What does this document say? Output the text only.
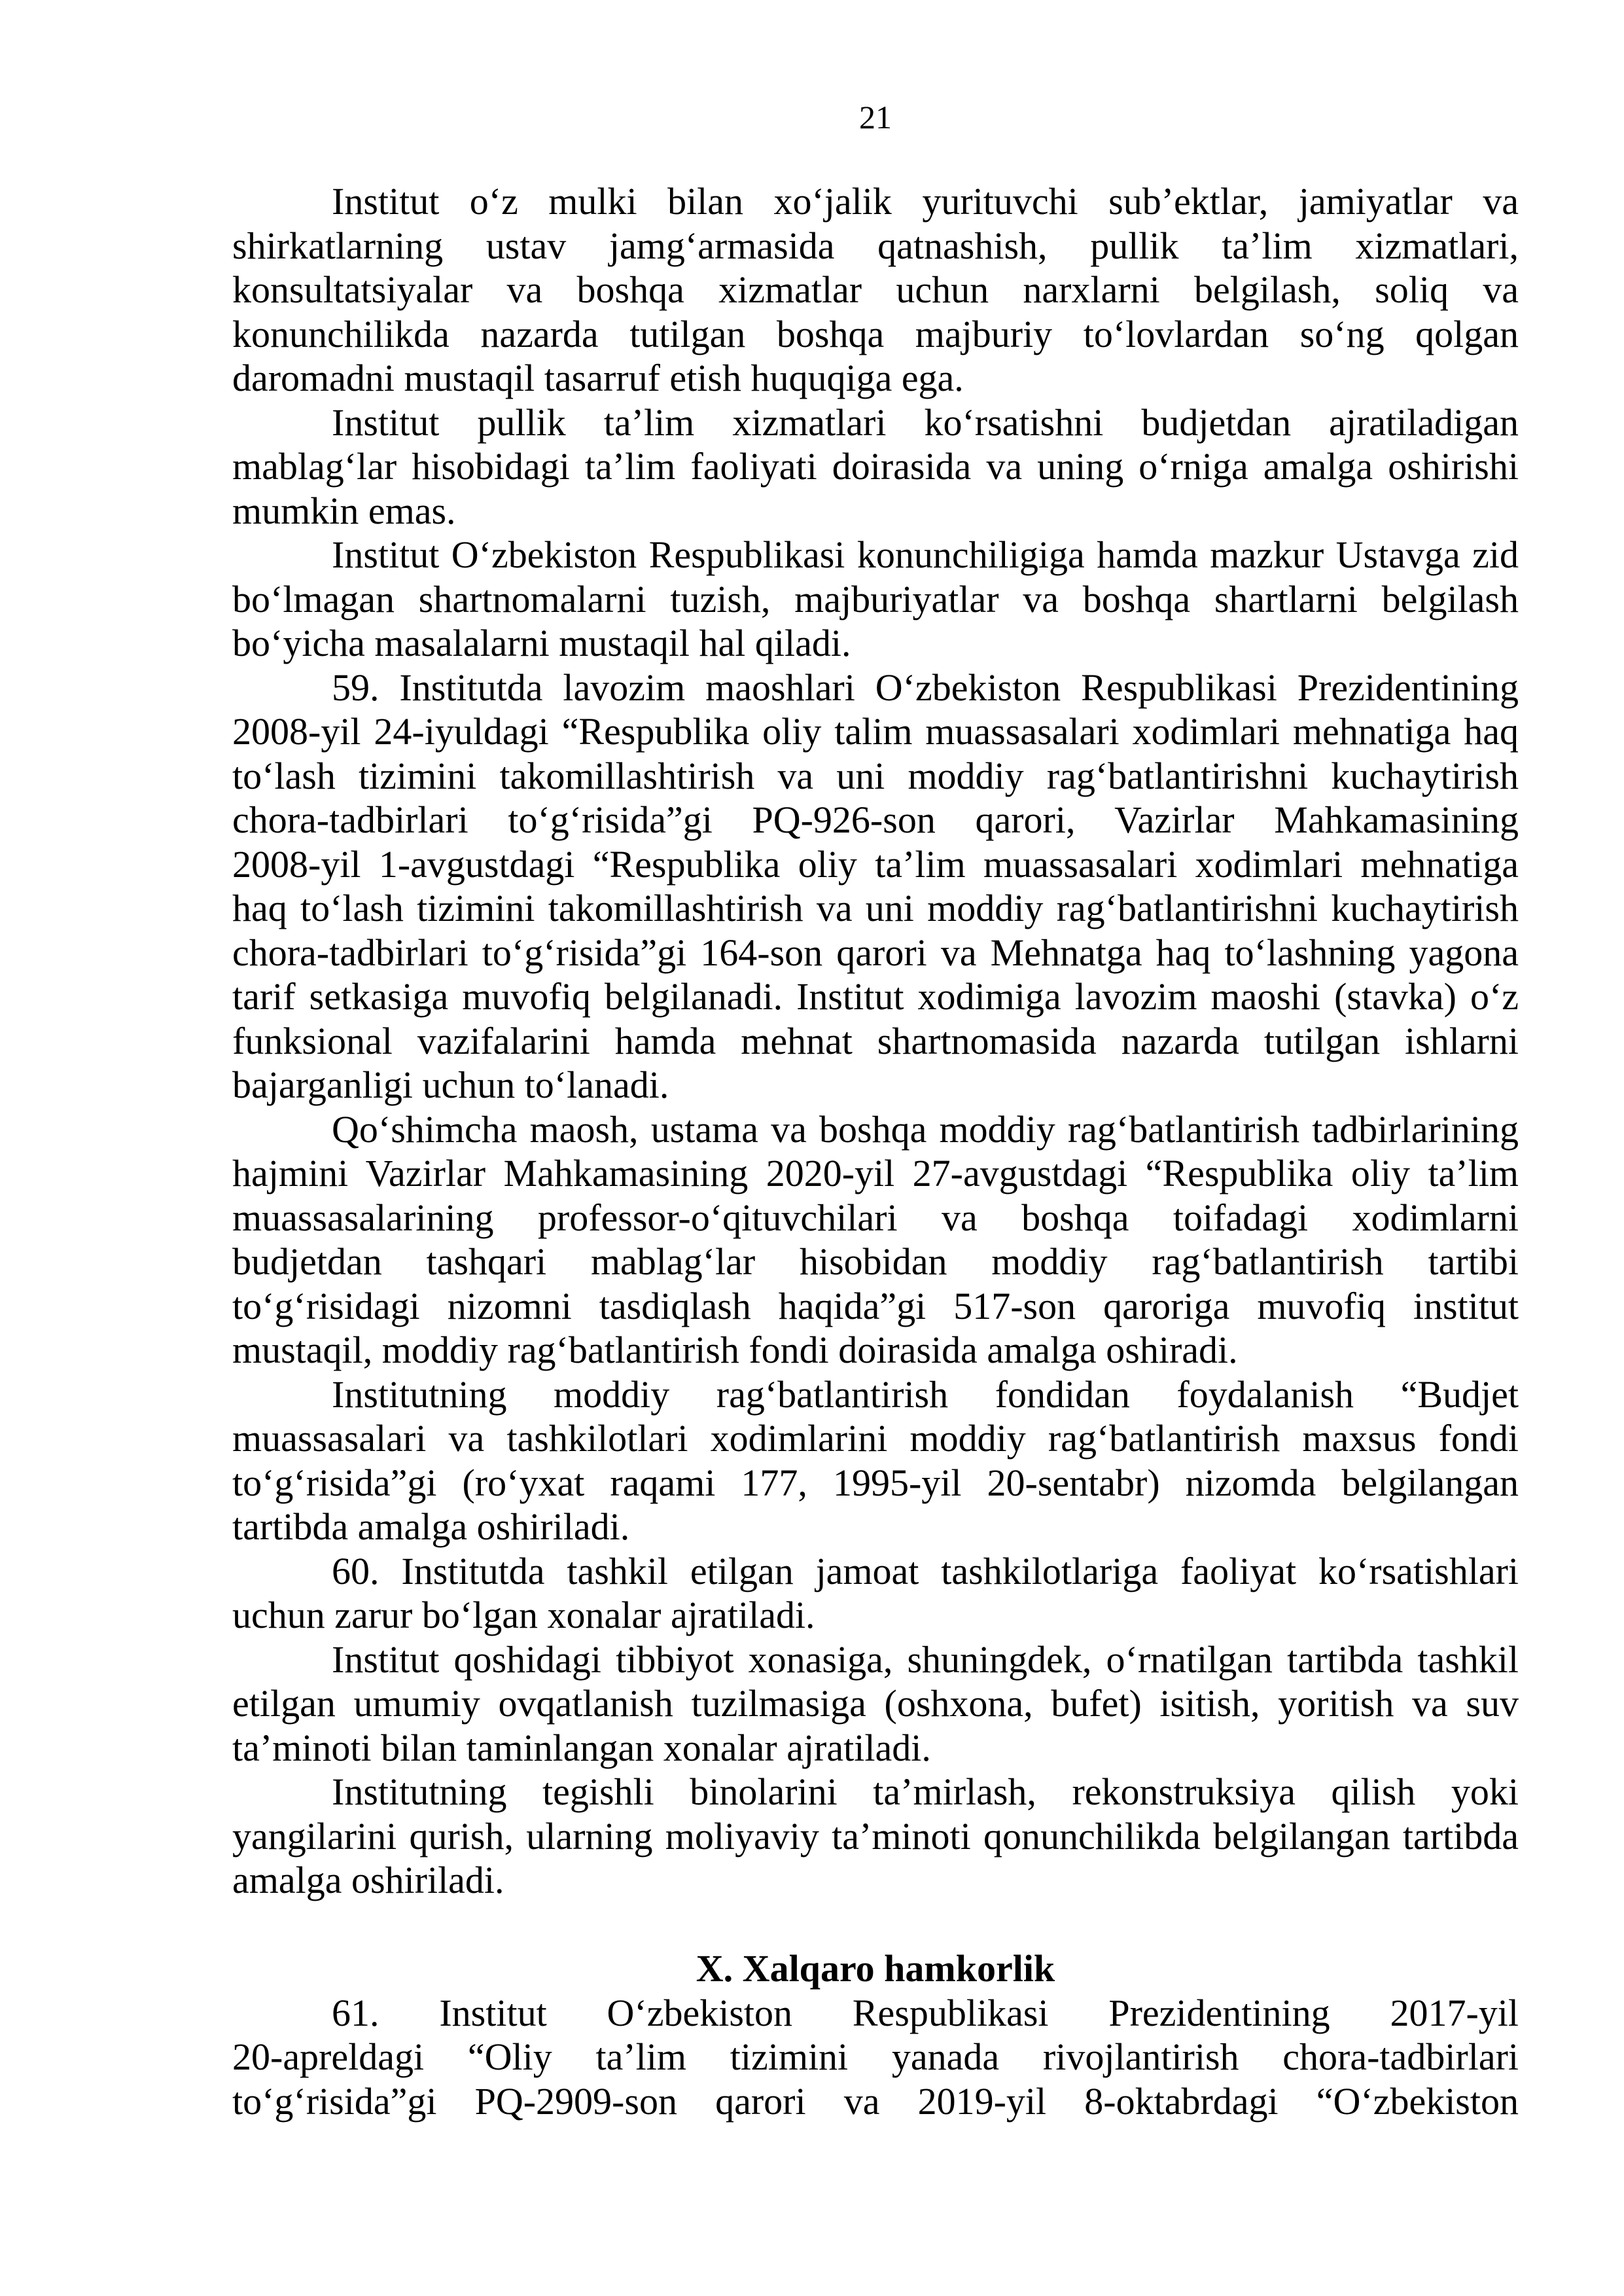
21
Institut o‘z mulki bilan xo‘jalik yurituvchi sub’ektlar, jamiyatlar va
shirkatlarning ustav jamg‘armasida qatnashish, pullik ta’lim xizmatlari,
konsultatsiyalar va boshqa xizmatlar uchun narxlarni belgilash, soliq va
konunchilikda nazarda tutilgan boshqa majburiy to‘lovlardan so‘ng qolgan
daromadni mustaqil tasarruf etish huquqiga ega.
Institut pullik ta’lim xizmatlari ko‘rsatishni budjetdan ajratiladigan
mablag‘lar hisobidagi ta’lim faoliyati doirasida va uning o‘rniga amalga oshirishi
mumkin emas.
Institut O‘zbekiston Respublikasi konunchiligiga hamda mazkur Ustavga zid
bo‘lmagan shartnomalarni tuzish, majburiyatlar va boshqa shartlarni belgilash
bo‘yicha masalalarni mustaqil hal qiladi.
59. Institutda lavozim maoshlari O‘zbekiston Respublikasi Prezidentining
2008-yil 24-iyuldagi “Respublika oliy talim muassasalari xodimlari mehnatiga haq
to‘lash tizimini takomillashtirish va uni moddiy rag‘batlantirishni kuchaytirish
chora-tadbirlari to‘g‘risida”gi PQ-926-son qarori, Vazirlar Mahkamasining
2008-yil 1-avgustdagi “Respublika oliy ta’lim muassasalari xodimlari mehnatiga
haq to‘lash tizimini takomillashtirish va uni moddiy rag‘batlantirishni kuchaytirish
chora-tadbirlari to‘g‘risida”gi 164-son qarori va Mehnatga haq to‘lashning yagona
tarif setkasiga muvofiq belgilanadi. Institut xodimiga lavozim maoshi (stavka) o‘z
funksional vazifalarini hamda mehnat shartnomasida nazarda tutilgan ishlarni
bajarganligi uchun to‘lanadi.
Qo‘shimcha maosh, ustama va boshqa moddiy rag‘batlantirish tadbirlarining
hajmini Vazirlar Mahkamasining 2020-yil 27-avgustdagi “Respublika oliy ta’lim
muassasalarining professor-o‘qituvchilari va boshqa toifadagi xodimlarni
budjetdan tashqari mablag‘lar hisobidan moddiy rag‘batlantirish tartibi
to‘g‘risidagi nizomni tasdiqlash haqida”gi 517-son qaroriga muvofiq institut
mustaqil, moddiy rag‘batlantirish fondi doirasida amalga oshiradi.
Institutning moddiy rag‘batlantirish fondidan foydalanish “Budjet
muassasalari va tashkilotlari xodimlarini moddiy rag‘batlantirish maxsus fondi
to‘g‘risida”gi (ro‘yxat raqami 177, 1995-yil 20-sentabr) nizomda belgilangan
tartibda amalga oshiriladi.
60. Institutda tashkil etilgan jamoat tashkilotlariga faoliyat ko‘rsatishlari
uchun zarur bo‘lgan xonalar ajratiladi.
Institut qoshidagi tibbiyot xonasiga, shuningdek, o‘rnatilgan tartibda tashkil
etilgan umumiy ovqatlanish tuzilmasiga (oshxona, bufet) isitish, yoritish va suv
ta’minoti bilan taminlangan xonalar ajratiladi.
Institutning tegishli binolarini ta’mirlash, rekonstruksiya qilish yoki
yangilarini qurish, ularning moliyaviy ta’minoti qonunchilikda belgilangan tartibda
amalga oshiriladi.
X. Xalqaro hamkorlik
61. Institut O‘zbekiston Respublikasi Prezidentining 2017-yil
20-apreldagi “Oliy ta’lim tizimini yanada rivojlantirish chora-tadbirlari
to‘g‘risida”gi PQ-2909-son qarori va 2019-yil 8-oktabrdagi “O‘zbekiston
